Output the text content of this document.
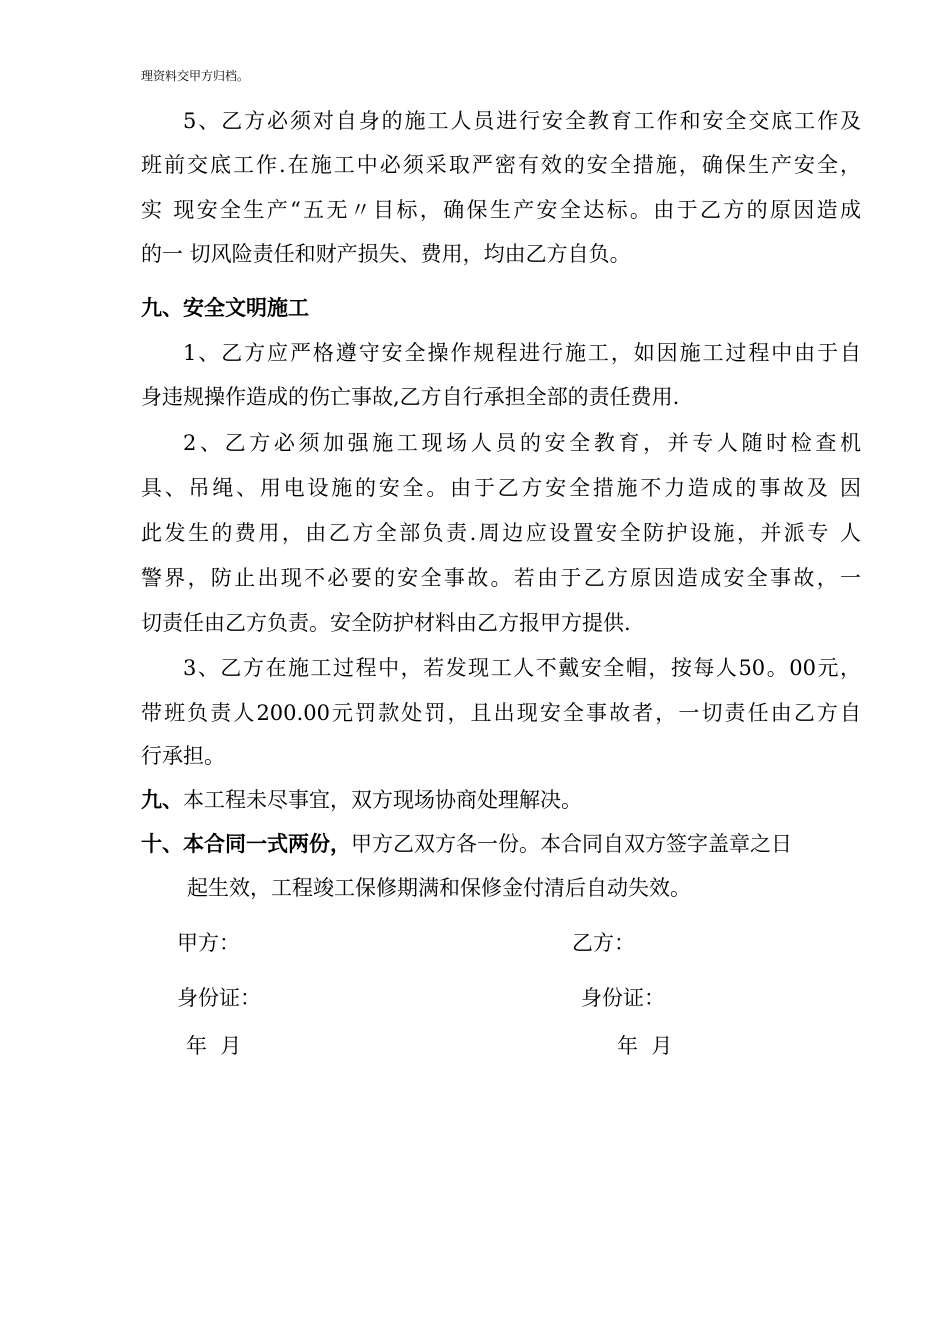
理资料交甲方归档。
5、乙方必须对自身的施工人员进行安全教育工作和安全交底工作及
班前交底工作.在施工中必须采取严密有效的安全措施，确保生产安全，
实 现安全生产“五无〃目标，确保生产安全达标。由于乙方的原因造成
的一 切风险责任和财产损失、费用，均由乙方自负。
九、安全文明施工
1、乙方应严格遵守安全操作规程进行施工，如因施工过程中由于自
身违规操作造成的伤亡事故,乙方自行承担全部的责任费用.
2、乙方必须加强施工现场人员的安全教育，并专人随时检查机
具、吊绳、用电设施的安全。由于乙方安全措施不力造成的事故及 因
此发生的费用，由乙方全部负责.周边应设置安全防护设施，并派专 人
警界，防止出现不必要的安全事故。若由于乙方原因造成安全事故，一
切责任由乙方负责。安全防护材料由乙方报甲方提供.
3、乙方在施工过程中，若发现工人不戴安全帽，按每人50。00元，
带班负责人200.00元罚款处罚，且出现安全事故者，一切责任由乙方自
行承担。
九、本工程未尽事宜，双方现场协商处理解决。
十、本合同一式两份，甲方乙双方各一份。本合同自双方签字盖章之日
起生效，工程竣工保修期满和保修金付清后自动失效。
甲方：	乙方：
身份证：	身份证：
年  月	年  月
